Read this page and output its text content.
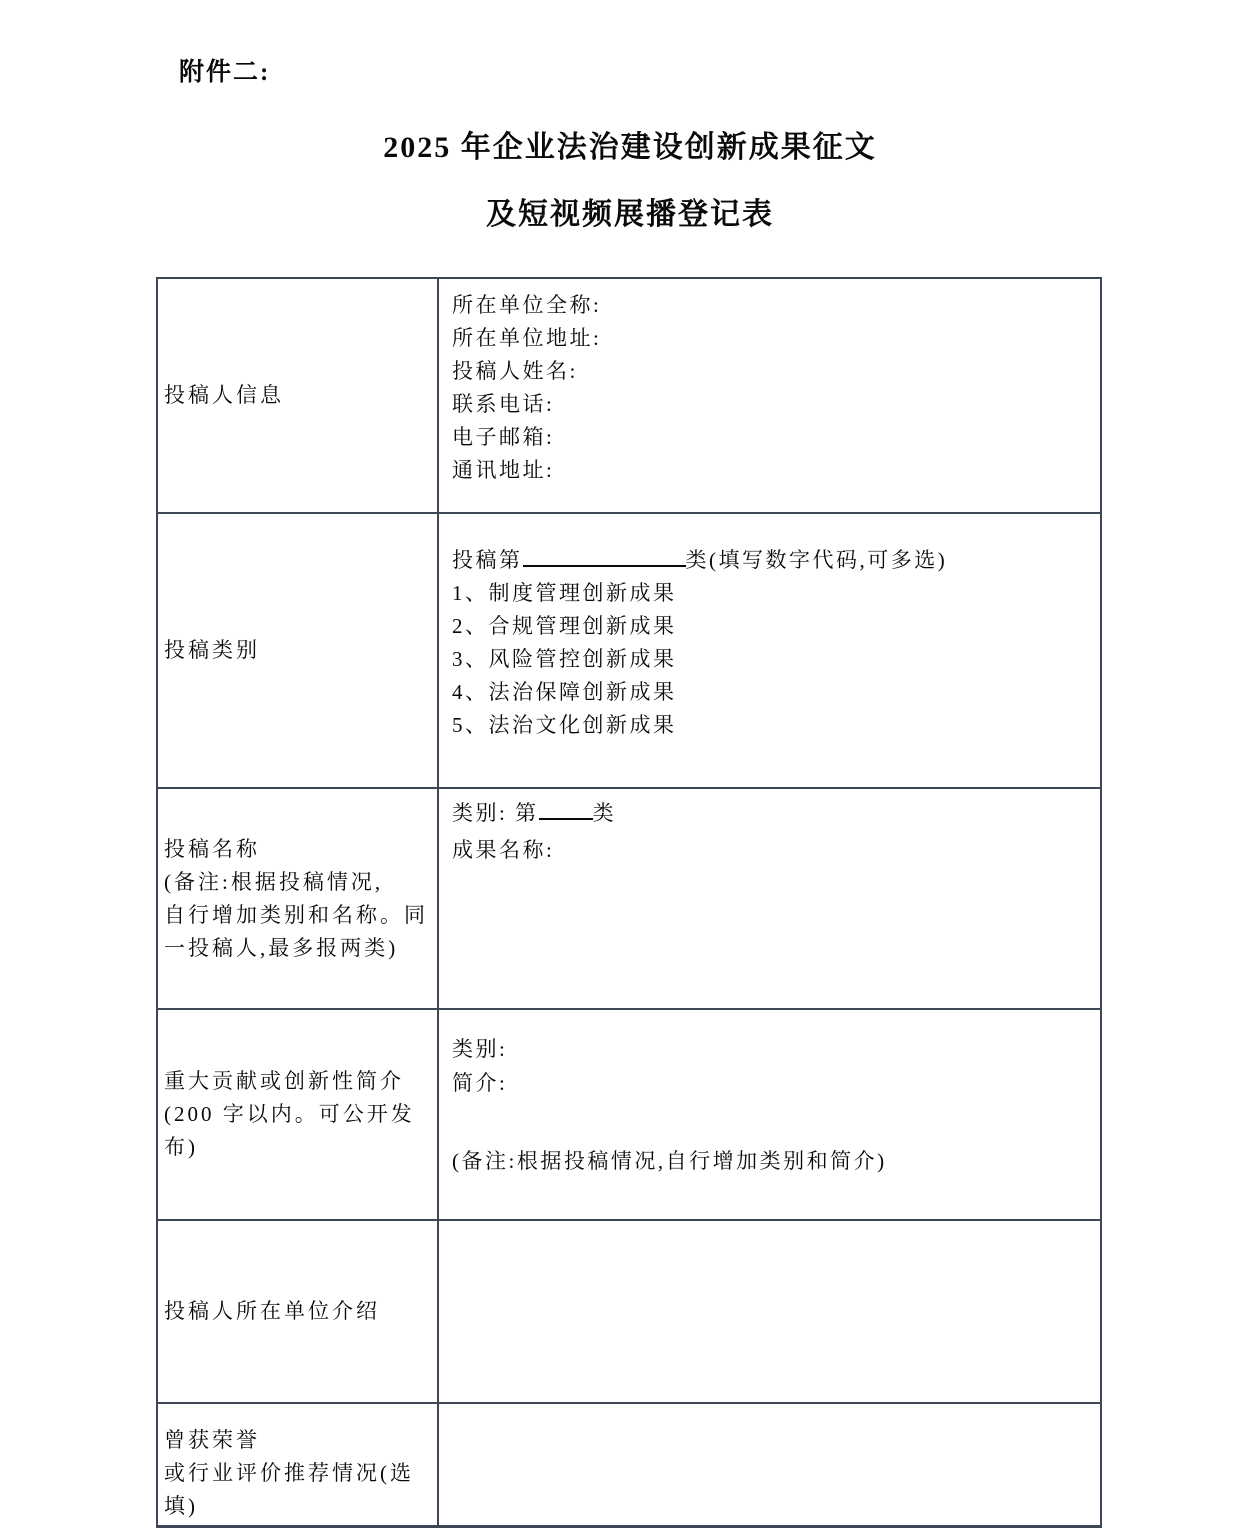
附件二:
2025 年企业法治建设创新成果征文
及短视频展播登记表
投稿人信息
所在单位全称:
所在单位地址:
投稿人姓名:
联系电话:
电子邮箱:
通讯地址:
投稿类别
投稿第	类(填写数字代码,可多选)
1、制度管理创新成果
2、合规管理创新成果
3、风险管控创新成果
4、法治保障创新成果
5、法治文化创新成果
投稿名称
(备注:根据投稿情况,
自行增加类别和名称。同
一投稿人,最多报两类)
类别: 第	类
成果名称:
重大贡献或创新性简介
(200 字以内。可公开发
布)
类别:
简介:
(备注:根据投稿情况,自行增加类别和简介)
投稿人所在单位介绍
曾获荣誉
或行业评价推荐情况(选
填)
